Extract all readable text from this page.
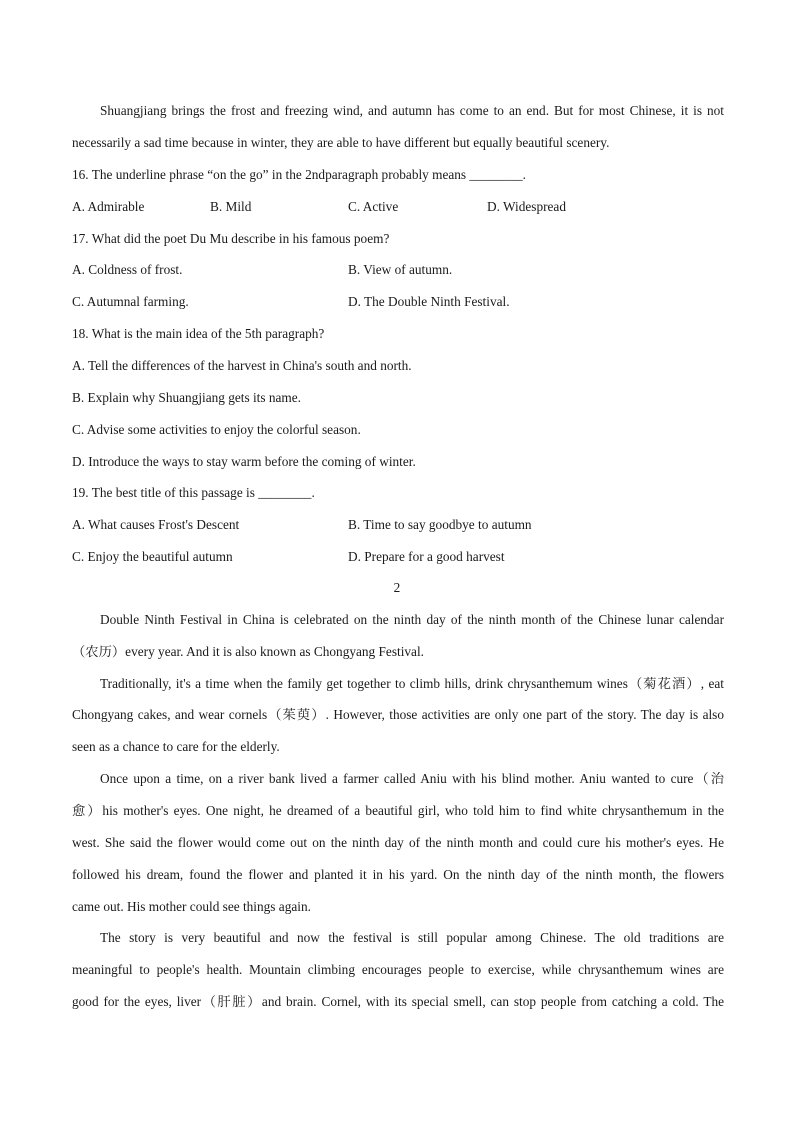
Shuangjiang brings the frost and freezing wind, and autumn has come to an end. But for most Chinese, it is not
necessarily a sad time because in winter, they are able to have different but equally beautiful scenery.
16. The underline phrase “on the go” in the 2ndparagraph probably means ________.
A. Admirable	B. Mild	C. Active	D. Widespread
17. What did the poet Du Mu describe in his famous poem?
A. Coldness of frost.	B. View of autumn.
C. Autumnal farming.	D. The Double Ninth Festival.
18. What is the main idea of the 5th paragraph?
A. Tell the differences of the harvest in China's south and north.
B. Explain why Shuangjiang gets its name.
C. Advise some activities to enjoy the colorful season.
D. Introduce the ways to stay warm before the coming of winter.
19. The best title of this passage is ________.
A. What causes Frost's Descent	B. Time to say goodbye to autumn
C. Enjoy the beautiful autumn	D. Prepare for a good harvest
2
Double Ninth Festival in China is celebrated on the ninth day of the ninth month of the Chinese lunar calendar
（农历）every year. And it is also known as Chongyang Festival.
Traditionally, it's a time when the family get together to climb hills, drink chrysanthemum wines（菊花酒）, eat
Chongyang cakes, and wear cornels（茱萸）. However, those activities are only one part of the story. The day is also
seen as a chance to care for the elderly.
Once upon a time, on a river bank lived a farmer called Aniu with his blind mother. Aniu wanted to cure（治
愈）his mother's eyes. One night, he dreamed of a beautiful girl, who told him to find white chrysanthemum in the
west. She said the flower would come out on the ninth day of the ninth month and could cure his mother's eyes. He
followed his dream, found the flower and planted it in his yard. On the ninth day of the ninth month, the flowers
came out. His mother could see things again.
The story is very beautiful and now the festival is still popular among Chinese. The old traditions are
meaningful to people's health. Mountain climbing encourages people to exercise, while chrysanthemum wines are
good for the eyes, liver（肝脏）and brain. Cornel, with its special smell, can stop people from catching a cold. The
